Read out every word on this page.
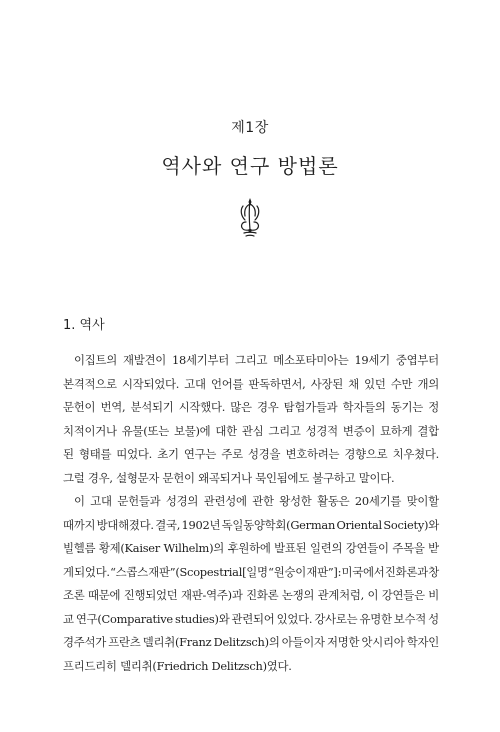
제1장
역사와 연구 방법론
1. 역사
이집트의 재발견이 18세기부터 그리고 메소포타미아는 19세기 중엽부터
본격적으로 시작되었다. 고대 언어를 판독하면서, 사장된 채 있던 수만 개의
문헌이 번역, 분석되기 시작했다. 많은 경우 탐험가들과 학자들의 동기는 정
치적이거나 유물(또는 보물)에 대한 관심 그리고 성경적 변증이 묘하게 결합
된 형태를 띠었다. 초기 연구는 주로 성경을 변호하려는 경향으로 치우쳤다.
그럴 경우, 설형문자 문헌이 왜곡되거나 묵인됨에도 불구하고 말이다.
이 고대 문헌들과 성경의 관련성에 관한 왕성한 활동은 20세기를 맞이할
때까지 방대해졌다. 결국, 1902년 독일동양학회(German Oriental Society)와
빌헬름 황제(Kaiser Wilhelm)의 후원하에 발표된 일련의 강연들이 주목을 받
게 되었다. “스콥스 재판”(Scopes trial[일명 “원숭이 재판”]: 미국에서 진화론과 창
조론 때문에 진행되었던 재판-역주)과 진화론 논쟁의 관계처럼, 이 강연들은 비
교 연구(Comparative studies)와 관련되어 있었다. 강사로는 유명한 보수적 성
경주석가 프란츠 델리취(Franz Delitzsch)의 아들이자 저명한 앗시리아 학자인
프리드리히 델리취(Friedrich Delitzsch)였다.
